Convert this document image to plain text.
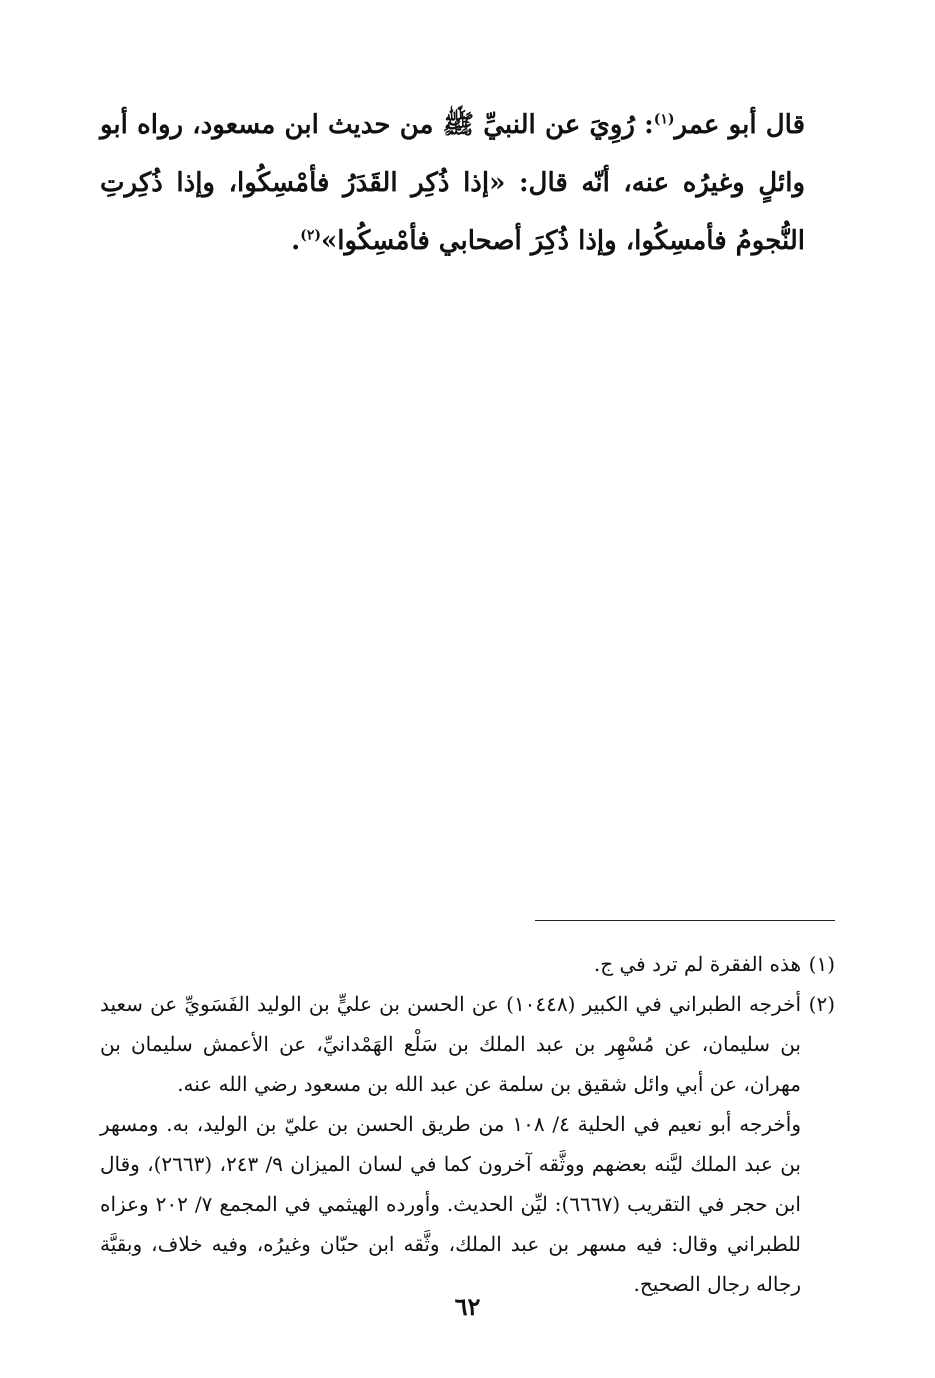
قال أبو عمر$^{(١)}$: رُوِيَ عن النبيِّ ﷺ من حديث ابن مسعود، رواه أبو وائلٍ وغيرُه عنه، أنّه قال: «إذا ذُكِر القَدَرُ فأمْسِكُوا، وإذا ذُكِرتِ النُّجومُ فأمسِكُوا، وإذا ذُكِرَ أصحابي فأمْسِكُوا»$^{(٢)}$.

(١)
هذه الفقرة لم ترد في ج.

(٢)
أخرجه الطبراني في الكبير (١٠٤٤٨) عن الحسن بن عليٍّ بن الوليد الفَسَويِّ عن سعيد بن سليمان، عن مُسْهِر بن عبد الملك بن سَلْع الهَمْدانيِّ، عن الأعمش سليمان بن مهران، عن أبي وائل شقيق بن سلمة عن عبد الله بن مسعود رضي الله عنه.

وأخرجه أبو نعيم في الحلية ٤/ ١٠٨ من طريق الحسن بن عليّ بن الوليد، به. ومسهر بن عبد الملك ليَّنه بعضهم ووثَّقه آخرون كما في لسان الميزان ٩/ ٢٤٣، (٢٦٦٣)، وقال ابن حجر في التقريب (٦٦٦٧): ليِّن الحديث. وأورده الهيثمي في المجمع ٧/ ٢٠٢ وعزاه للطبراني وقال: فيه مسهر بن عبد الملك، وثَّقه ابن حبّان وغيرُه، وفيه خلاف، وبقيَّة رجاله رجال الصحيح.

٦٢
